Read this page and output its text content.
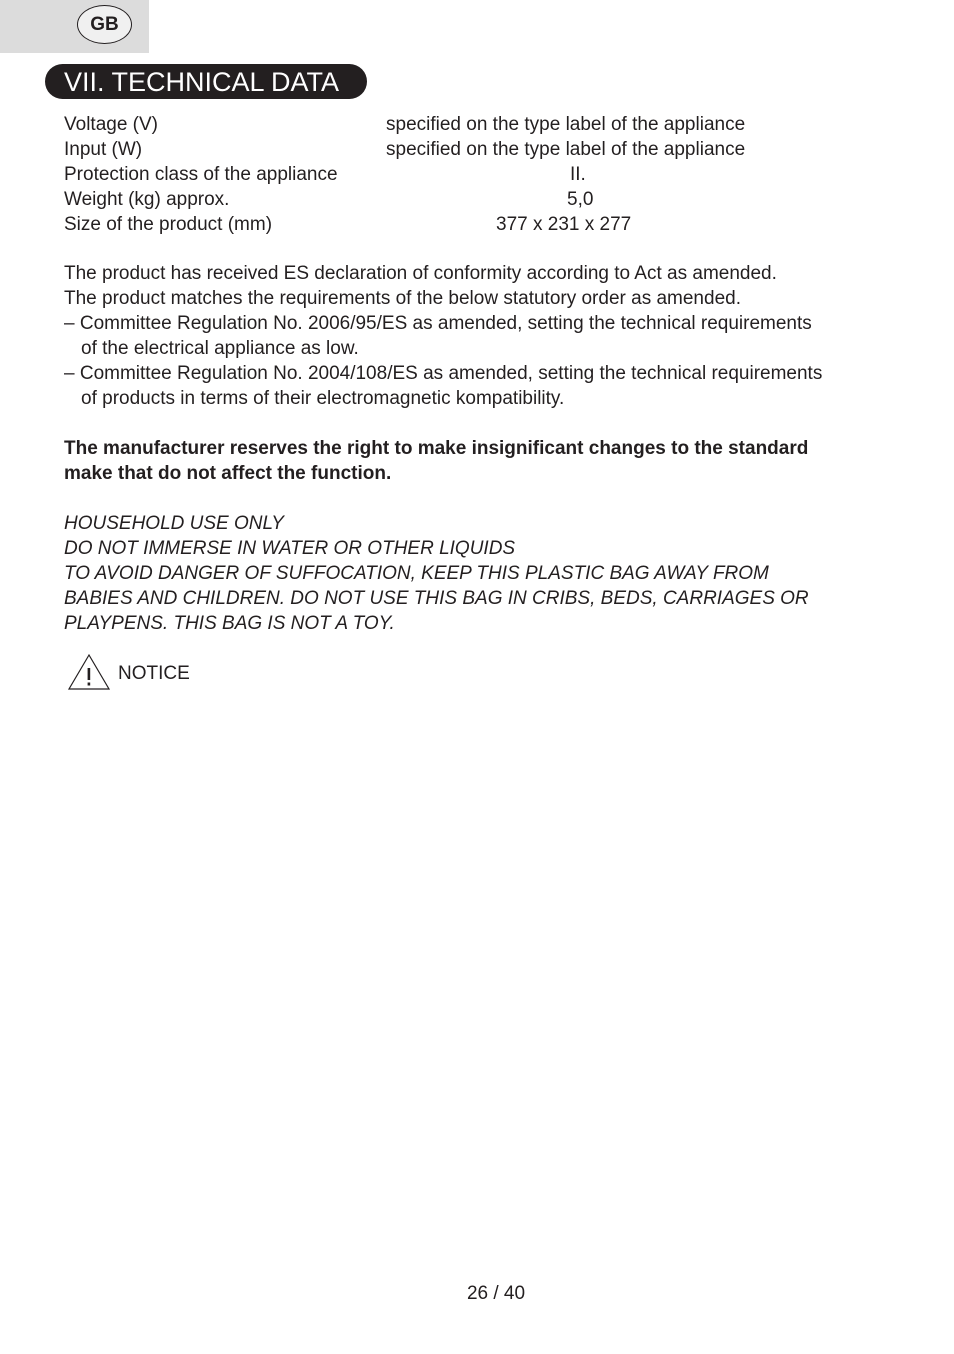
GB
VII. TECHNICAL DATA
Voltage (V)	specified on the type label of the appliance
Input (W)	specified on the type label of the appliance
Protection class of the appliance	II.
Weight (kg) approx.	5,0
Size of the product (mm)	377 x 231 x 277
The product has received ES declaration of conformity according to Act as amended.
The product matches the requirements of the below statutory order as amended.
– Committee Regulation No. 2006/95/ES as amended, setting the technical requirements
of the electrical appliance as low.
– Committee Regulation No. 2004/108/ES as amended, setting the technical requirements
of products in terms of their electromagnetic kompatibility.
The manufacturer reserves the right to make insignificant changes to the standard
make that do not affect the function.
HOUSEHOLD USE ONLY
DO NOT IMMERSE IN WATER OR OTHER LIQUIDS
TO AVOID DANGER OF SUFFOCATION, KEEP THIS PLASTIC BAG AWAY FROM
BABIES AND CHILDREN. DO NOT USE THIS BAG IN CRIBS, BEDS, CARRIAGES OR
PLAYPENS. THIS BAG IS NOT A TOY.
NOTICE
26 / 40
